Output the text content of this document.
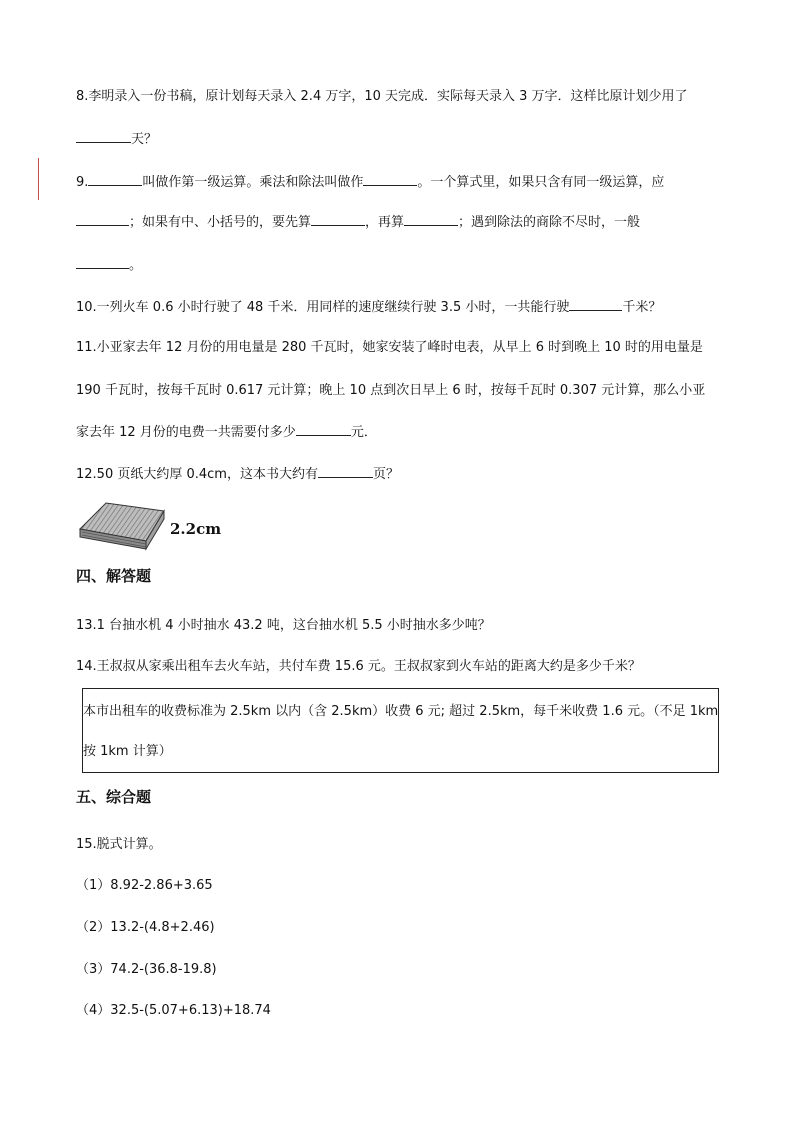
8.李明录入一份书稿，原计划每天录入 2.4 万字，10 天完成．实际每天录入 3 万字．这样比原计划少用了
天？
9.	叫做作第一级运算。乘法和除法叫做作	。一个算式里，如果只含有同一级运算，应
；如果有中、小括号的，要先算	，再算	；遇到除法的商除不尽时，一般
。
10.一列火车 0.6 小时行驶了 48 千米．用同样的速度继续行驶 3.5 小时，一共能行驶	千米？
11.小亚家去年 12 月份的用电量是 280 千瓦时，她家安装了峰时电表，从早上 6 时到晚上 10 时的用电量是
190 千瓦时，按每千瓦时 0.617 元计算；晚上 10 点到次日早上 6 时，按每千瓦时 0.307 元计算，那么小亚
家去年 12 月份的电费一共需要付多少	元．
12.50 页纸大约厚 0.4cm，这本书大约有	页？
2.2cm
四、解答题
13.1 台抽水机 4 小时抽水 43.2 吨，这台抽水机 5.5 小时抽水多少吨？
14.王叔叔从家乘出租车去火车站，共付车费 15.6 元。王叔叔家到火车站的距离大约是多少千米？
本市出租车的收费标准为 2.5km 以内（含 2.5km）收费 6 元; 超过 2.5km，每千米收费 1.6 元。（不足 1km
按 1km 计算）
五、综合题
15.脱式计算。
（1）8.92-2.86+3.65
（2）13.2-(4.8+2.46)
（3）74.2-(36.8-19.8)
（4）32.5-(5.07+6.13)+18.74
